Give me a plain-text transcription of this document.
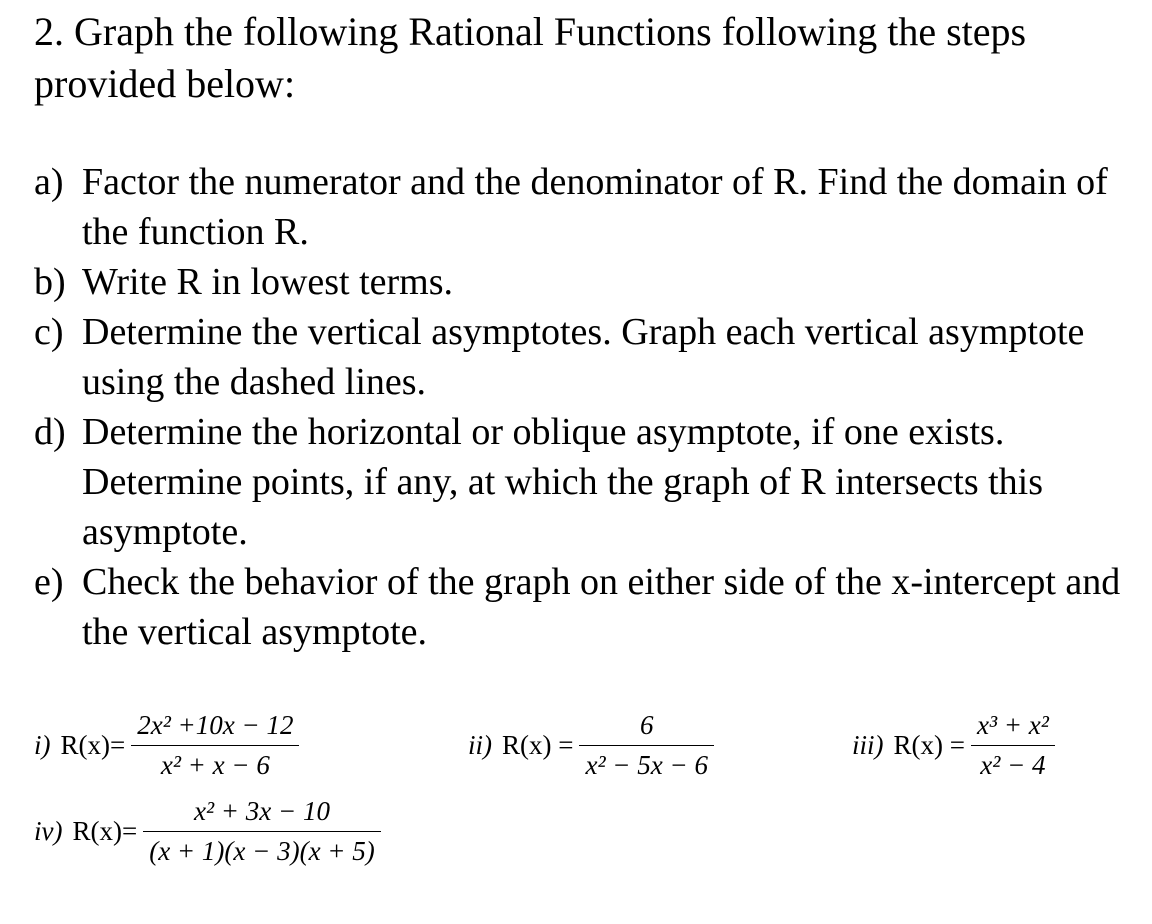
2. Graph the following Rational Functions following the steps provided below:
a) Factor the numerator and the denominator of R. Find the domain of the function R.
b) Write R in lowest terms.
c) Determine the vertical asymptotes. Graph each vertical asymptote using the dashed lines.
d) Determine the horizontal or oblique asymptote, if one exists. Determine points, if any, at which the graph of R intersects this asymptote.
e) Check the behavior of the graph on either side of the x-intercept and the vertical asymptote.
i) $R(x)= \frac{\text{2x² +10x − 12}}{\text{x² + x − 6}}$	ii) $R(x) = \frac{6}{\text{x² − 5x − 6}}$	iii) $R(x) = \frac{\text{x³ + x²}}{\text{x² − 4}}$
iv) $R(x)= \frac{\text{x² + 3x − 10}}{(x + 1)(x - 3)(x + 5)}$
